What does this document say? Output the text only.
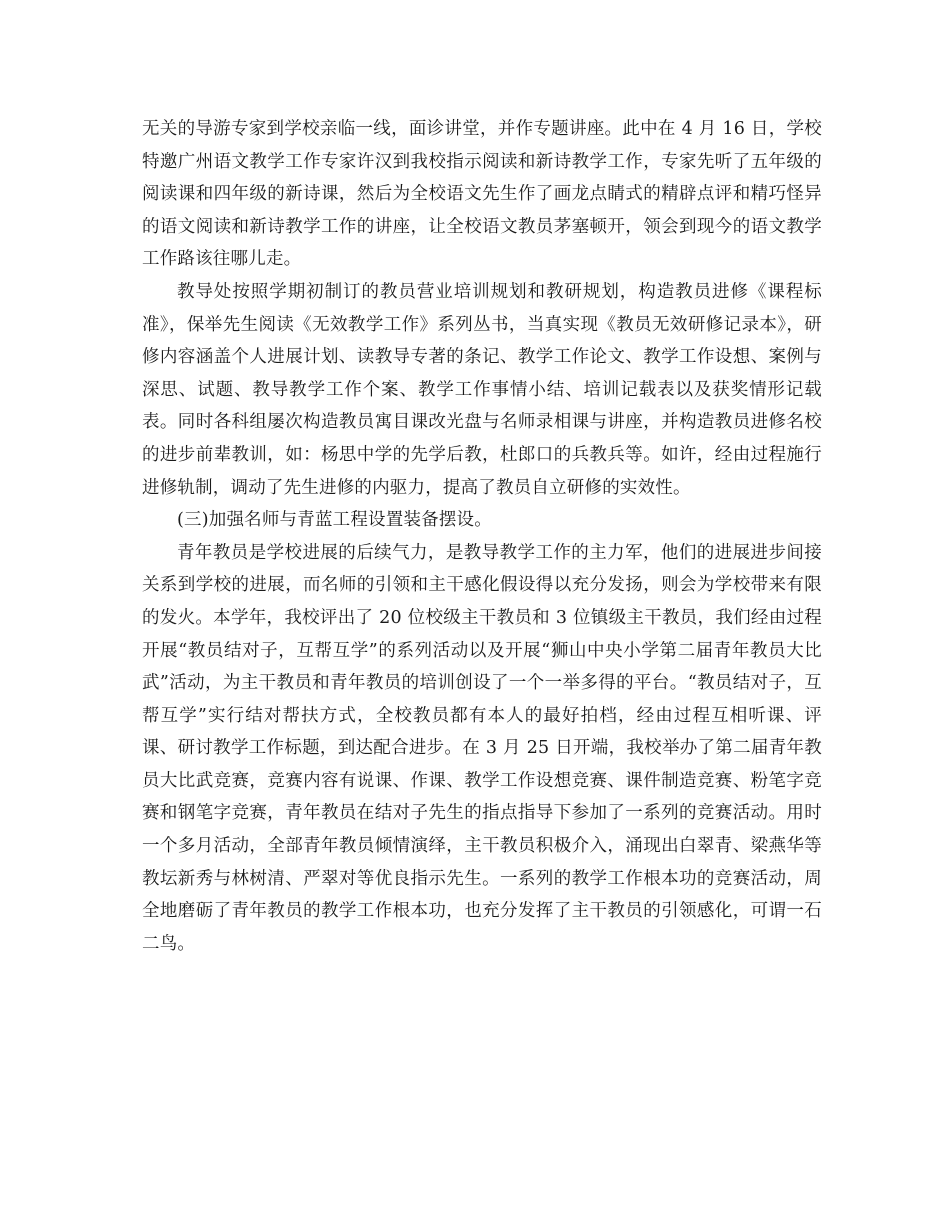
无关的导游专家到学校亲临一线，面诊讲堂，并作专题讲座。此中在 4 月 16 日，学校特邀广州语文教学工作专家许汉到我校指示阅读和新诗教学工作，专家先听了五年级的阅读课和四年级的新诗课，然后为全校语文先生作了画龙点睛式的精辟点评和精巧怪异的语文阅读和新诗教学工作的讲座，让全校语文教员茅塞顿开，领会到现今的语文教学工作路该往哪儿走。

教导处按照学期初制订的教员营业培训规划和教研规划，构造教员进修《课程标准》，保举先生阅读《无效教学工作》系列丛书，当真实现《教员无效研修记录本》，研修内容涵盖个人进展计划、读教导专著的条记、教学工作论文、教学工作设想、案例与深思、试题、教导教学工作个案、教学工作事情小结、培训记载表以及获奖情形记载表。同时各科组屡次构造教员寓目课改光盘与名师录相课与讲座，并构造教员进修名校的进步前辈教训，如：杨思中学的先学后教，杜郎口的兵教兵等。如许，经由过程施行进修轨制，调动了先生进修的内驱力，提高了教员自立研修的实效性。

(三)加强名师与青蓝工程设置装备摆设。

青年教员是学校进展的后续气力，是教导教学工作的主力军，他们的进展进步间接关系到学校的进展，而名师的引领和主干感化假设得以充分发扬，则会为学校带来有限的发火。本学年，我校评出了 20 位校级主干教员和 3 位镇级主干教员，我们经由过程开展“教员结对子，互帮互学”的系列活动以及开展“狮山中央小学第二届青年教员大比武”活动，为主干教员和青年教员的培训创设了一个一举多得的平台。“教员结对子，互帮互学”实行结对帮扶方式，全校教员都有本人的最好拍档，经由过程互相听课、评课、研讨教学工作标题，到达配合进步。在 3 月 25 日开端，我校举办了第二届青年教员大比武竞赛，竞赛内容有说课、作课、教学工作设想竞赛、课件制造竞赛、粉笔字竞赛和钢笔字竞赛，青年教员在结对子先生的指点指导下参加了一系列的竞赛活动。用时一个多月活动，全部青年教员倾情演绎，主干教员积极介入，涌现出白翠青、梁燕华等教坛新秀与林树清、严翠对等优良指示先生。一系列的教学工作根本功的竞赛活动，周全地磨砺了青年教员的教学工作根本功，也充分发挥了主干教员的引领感化，可谓一石二鸟。
